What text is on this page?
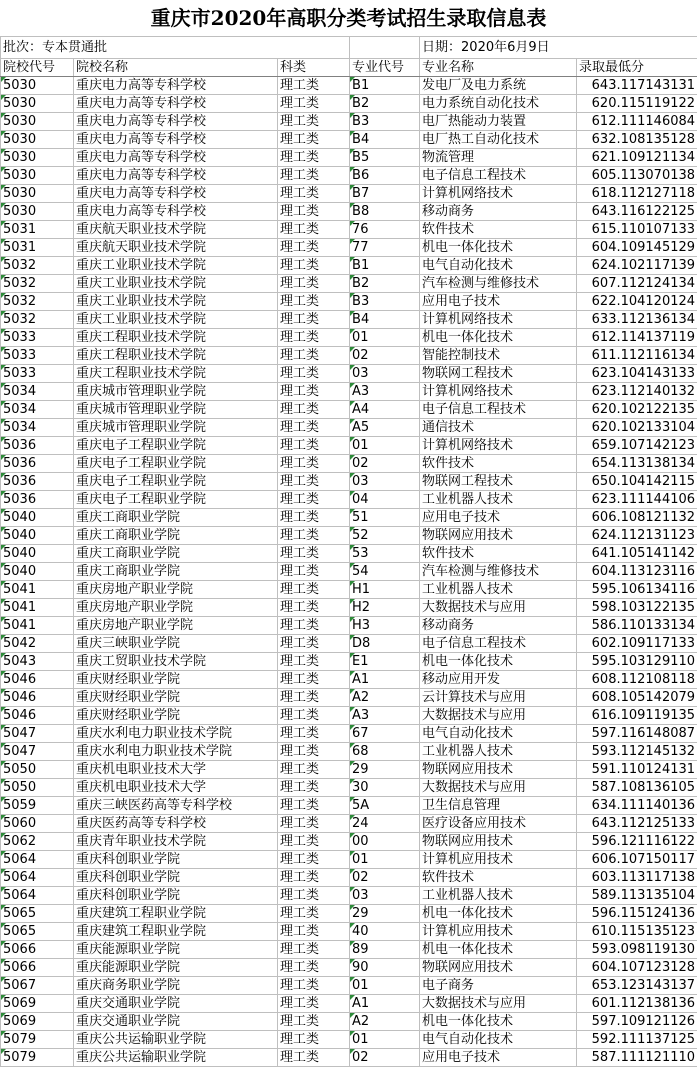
重庆市2020年高职分类考试招生录取信息表
批次：专本贯通批				日期：2020年6月9日	
院校代号	院校名称	科类	专业代号	专业名称	录取最低分
5030	重庆电力高等专科学校	理工类	B1	发电厂及电力系统	643.117143131
5030	重庆电力高等专科学校	理工类	B2	电力系统自动化技术	620.115119122
5030	重庆电力高等专科学校	理工类	B3	电厂热能动力装置	612.111146084
5030	重庆电力高等专科学校	理工类	B4	电厂热工自动化技术	632.108135128
5030	重庆电力高等专科学校	理工类	B5	物流管理	621.109121134
5030	重庆电力高等专科学校	理工类	B6	电子信息工程技术	605.113070138
5030	重庆电力高等专科学校	理工类	B7	计算机网络技术	618.112127118
5030	重庆电力高等专科学校	理工类	B8	移动商务	643.116122125
5031	重庆航天职业技术学院	理工类	76	软件技术	615.110107133
5031	重庆航天职业技术学院	理工类	77	机电一体化技术	604.109145129
5032	重庆工业职业技术学院	理工类	B1	电气自动化技术	624.102117139
5032	重庆工业职业技术学院	理工类	B2	汽车检测与维修技术	607.112124134
5032	重庆工业职业技术学院	理工类	B3	应用电子技术	622.104120124
5032	重庆工业职业技术学院	理工类	B4	计算机网络技术	633.112136134
5033	重庆工程职业技术学院	理工类	01	机电一体化技术	612.114137119
5033	重庆工程职业技术学院	理工类	02	智能控制技术	611.112116134
5033	重庆工程职业技术学院	理工类	03	物联网工程技术	623.104143133
5034	重庆城市管理职业学院	理工类	A3	计算机网络技术	623.112140132
5034	重庆城市管理职业学院	理工类	A4	电子信息工程技术	620.102122135
5034	重庆城市管理职业学院	理工类	A5	通信技术	620.102133104
5036	重庆电子工程职业学院	理工类	01	计算机网络技术	659.107142123
5036	重庆电子工程职业学院	理工类	02	软件技术	654.113138134
5036	重庆电子工程职业学院	理工类	03	物联网工程技术	650.104142115
5036	重庆电子工程职业学院	理工类	04	工业机器人技术	623.111144106
5040	重庆工商职业学院	理工类	51	应用电子技术	606.108121132
5040	重庆工商职业学院	理工类	52	物联网应用技术	624.112131123
5040	重庆工商职业学院	理工类	53	软件技术	641.105141142
5040	重庆工商职业学院	理工类	54	汽车检测与维修技术	604.113123116
5041	重庆房地产职业学院	理工类	H1	工业机器人技术	595.106134116
5041	重庆房地产职业学院	理工类	H2	大数据技术与应用	598.103122135
5041	重庆房地产职业学院	理工类	H3	移动商务	586.110133134
5042	重庆三峡职业学院	理工类	D8	电子信息工程技术	602.109117133
5043	重庆工贸职业技术学院	理工类	E1	机电一体化技术	595.103129110
5046	重庆财经职业学院	理工类	A1	移动应用开发	608.112108118
5046	重庆财经职业学院	理工类	A2	云计算技术与应用	608.105142079
5046	重庆财经职业学院	理工类	A3	大数据技术与应用	616.109119135
5047	重庆水利电力职业技术学院	理工类	67	电气自动化技术	597.116148087
5047	重庆水利电力职业技术学院	理工类	68	工业机器人技术	593.112145132
5050	重庆机电职业技术大学	理工类	29	物联网应用技术	591.110124131
5050	重庆机电职业技术大学	理工类	30	大数据技术与应用	587.108136105
5059	重庆三峡医药高等专科学校	理工类	5A	卫生信息管理	634.111140136
5060	重庆医药高等专科学校	理工类	24	医疗设备应用技术	643.112125133
5062	重庆青年职业技术学院	理工类	00	物联网应用技术	596.121116122
5064	重庆科创职业学院	理工类	01	计算机应用技术	606.107150117
5064	重庆科创职业学院	理工类	02	软件技术	603.113117138
5064	重庆科创职业学院	理工类	03	工业机器人技术	589.113135104
5065	重庆建筑工程职业学院	理工类	29	机电一体化技术	596.115124136
5065	重庆建筑工程职业学院	理工类	40	计算机应用技术	610.115135123
5066	重庆能源职业学院	理工类	89	机电一体化技术	593.098119130
5066	重庆能源职业学院	理工类	90	物联网应用技术	604.107123128
5067	重庆商务职业学院	理工类	01	电子商务	653.123143137
5069	重庆交通职业学院	理工类	A1	大数据技术与应用	601.112138136
5069	重庆交通职业学院	理工类	A2	机电一体化技术	597.109121126
5079	重庆公共运输职业学院	理工类	01	电气自动化技术	592.111137125
5079	重庆公共运输职业学院	理工类	02	应用电子技术	587.111121110
